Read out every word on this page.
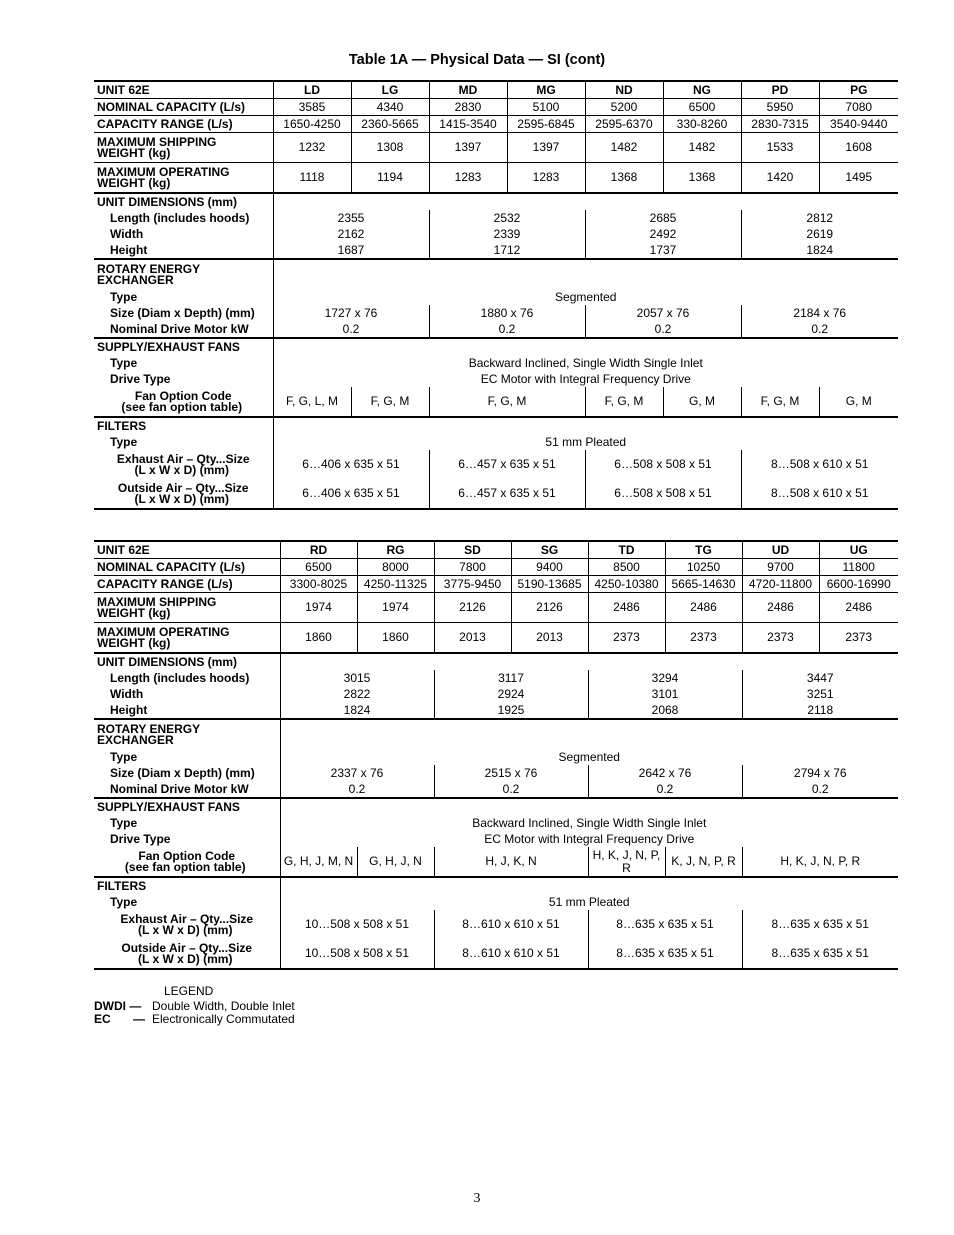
Table 1A — Physical Data — SI (cont)
UNIT 62E	LD	LG	MD	MG	ND	NG	PD	PG
NOMINAL CAPACITY (L/s)	3585	4340	2830	5100	5200	6500	5950	7080
CAPACITY RANGE (L/s)	1650-4250	2360-5665	1415-3540	2595-6845	2595-6370	330-8260	2830-7315	3540-9440
MAXIMUM SHIPPING
WEIGHT (kg)	1232	1308	1397	1397	1482	1482	1533	1608
MAXIMUM OPERATING
WEIGHT (kg)	1118	1194	1283	1283	1368	1368	1420	1495
UNIT DIMENSIONS (mm)								
Length (includes hoods)	2355		2532		2685		2812	
Width	2162		2339		2492		2619	
Height	1687		1712		1737		1824	
ROTARY ENERGY
EXCHANGER								
Type	Segmented							
Size (Diam x Depth) (mm)	1727 x 76		1880 x 76		2057 x 76		2184 x 76	
Nominal Drive Motor kW	0.2		0.2		0.2		0.2	
SUPPLY/EXHAUST FANS								
Type	Backward Inclined, Single Width Single Inlet							
Drive Type	EC Motor with Integral Frequency Drive							
Fan Option Code
(see fan option table)	F, G, L, M	F, G, M	F, G, M		F, G, M	G, M	F, G, M	G, M
FILTERS								
Type	51 mm Pleated							
Exhaust Air – Qty...Size
(L x W x D) (mm)	6…406 x 635 x 51		6…457 x 635 x 51		6…508 x 508 x 51		8…508 x 610 x 51	
Outside Air – Qty...Size
(L x W x D) (mm)	6…406 x 635 x 51		6…457 x 635 x 51		6…508 x 508 x 51		8…508 x 610 x 51	
UNIT 62E	RD	RG	SD	SG	TD	TG	UD	UG
NOMINAL CAPACITY (L/s)	6500	8000	7800	9400	8500	10250	9700	11800
CAPACITY RANGE (L/s)	3300-8025	4250-11325	3775-9450	5190-13685	4250-10380	5665-14630	4720-11800	6600-16990
MAXIMUM SHIPPING
WEIGHT (kg)	1974	1974	2126	2126	2486	2486	2486	2486
MAXIMUM OPERATING
WEIGHT (kg)	1860	1860	2013	2013	2373	2373	2373	2373
UNIT DIMENSIONS (mm)								
Length (includes hoods)	3015		3117		3294		3447	
Width	2822		2924		3101		3251	
Height	1824		1925		2068		2118	
ROTARY ENERGY
EXCHANGER								
Type	Segmented							
Size (Diam x Depth) (mm)	2337 x 76		2515 x 76		2642 x 76		2794 x 76	
Nominal Drive Motor kW	0.2		0.2		0.2		0.2	
SUPPLY/EXHAUST FANS								
Type	Backward Inclined, Single Width Single Inlet							
Drive Type	EC Motor with Integral Frequency Drive							
Fan Option Code
(see fan option table)	G, H, J, M, N	G, H, J, N	H, J, K, N		H, K, J, N, P, R	K, J, N, P, R	H, K, J, N, P, R	
FILTERS								
Type	51 mm Pleated							
Exhaust Air – Qty...Size
(L x W x D) (mm)	10…508 x 508 x 51		8…610 x 610 x 51		8…635 x 635 x 51		8…635 x 635 x 51	
Outside Air – Qty...Size
(L x W x D) (mm)	10…508 x 508 x 51		8…610 x 610 x 51		8…635 x 635 x 51		8…635 x 635 x 51	
LEGEND
DWDI — Double Width, Double Inlet
EC — Electronically Commutated
3
